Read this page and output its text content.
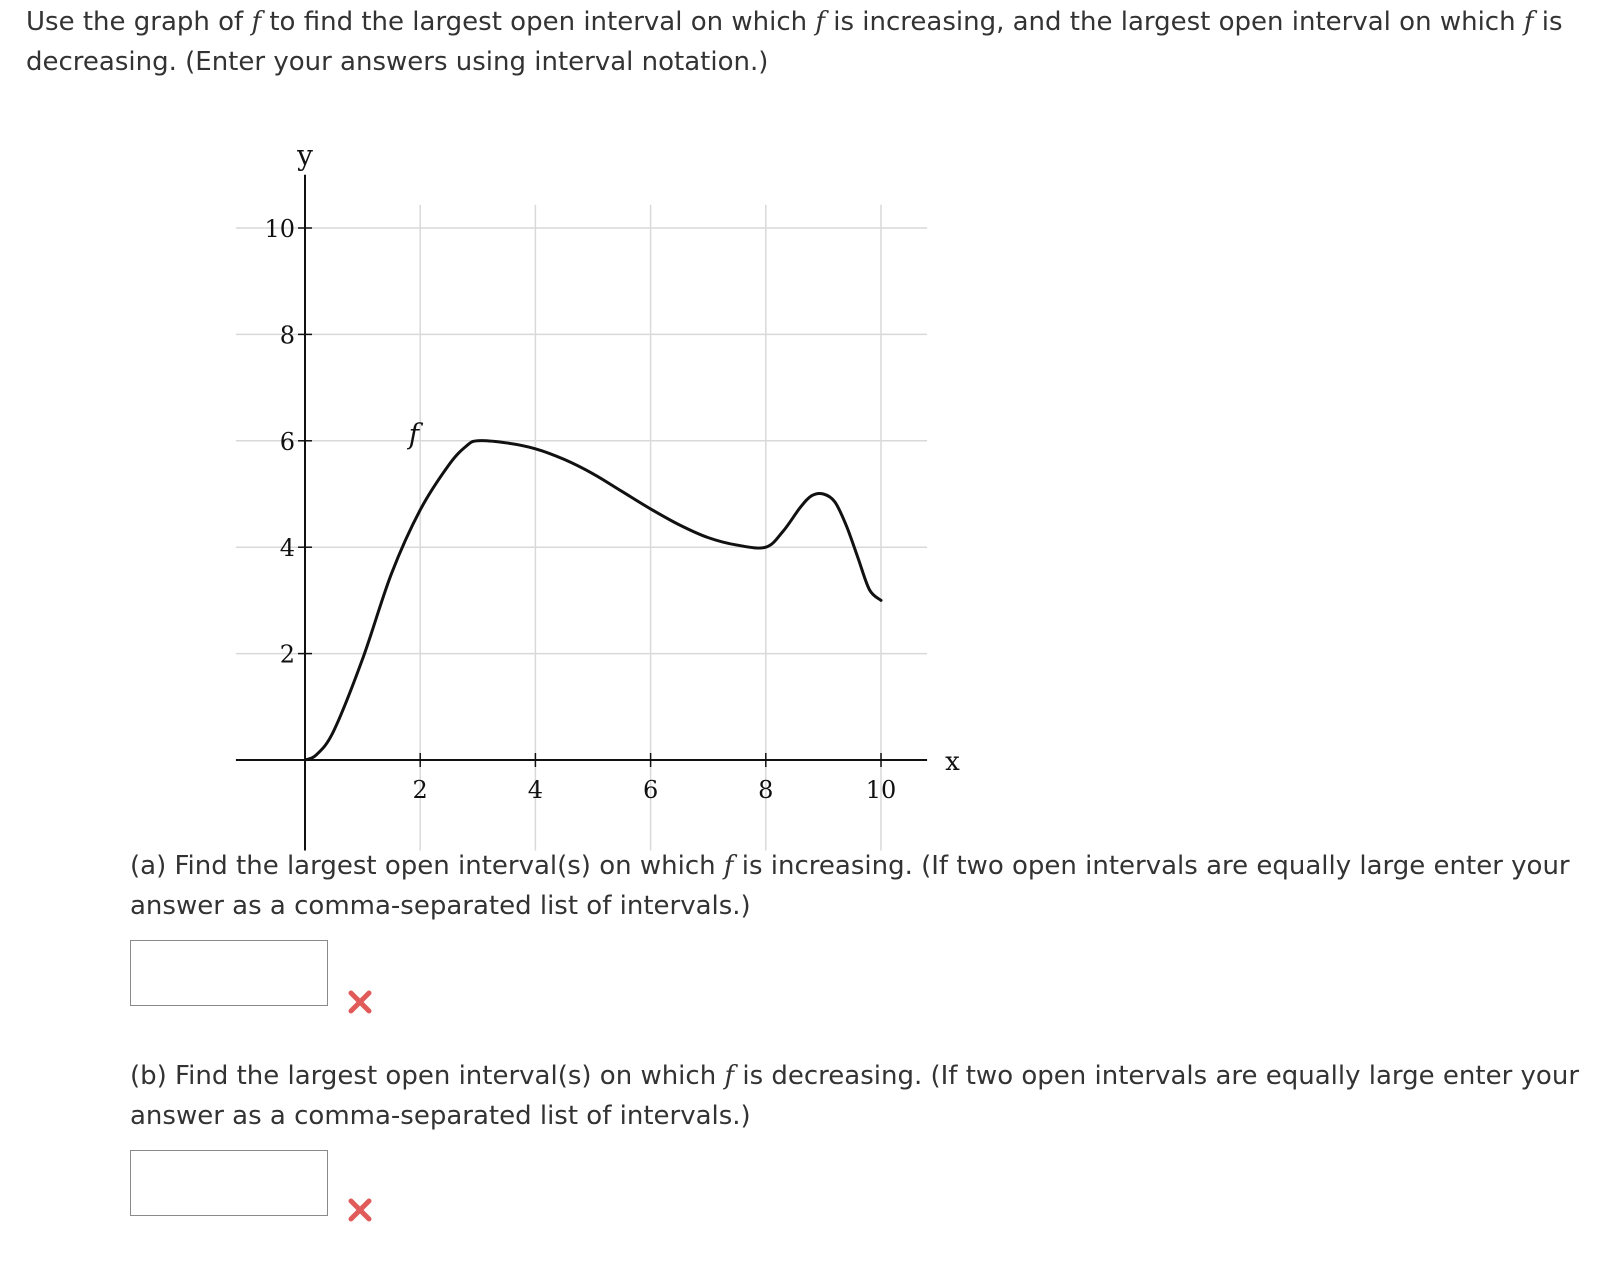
Use the graph of f to find the largest open interval on which f is increasing, and the largest open interval on which f is decreasing. (Enter your answers using interval notation.)

2	4	6	8	10
2
4
6
8
10
x
y
f

(a) Find the largest open interval(s) on which f is increasing. (If two open intervals are equally large enter your answer as a comma-separated list of intervals.)

(b) Find the largest open interval(s) on which f is decreasing. (If two open intervals are equally large enter your answer as a comma-separated list of intervals.)
